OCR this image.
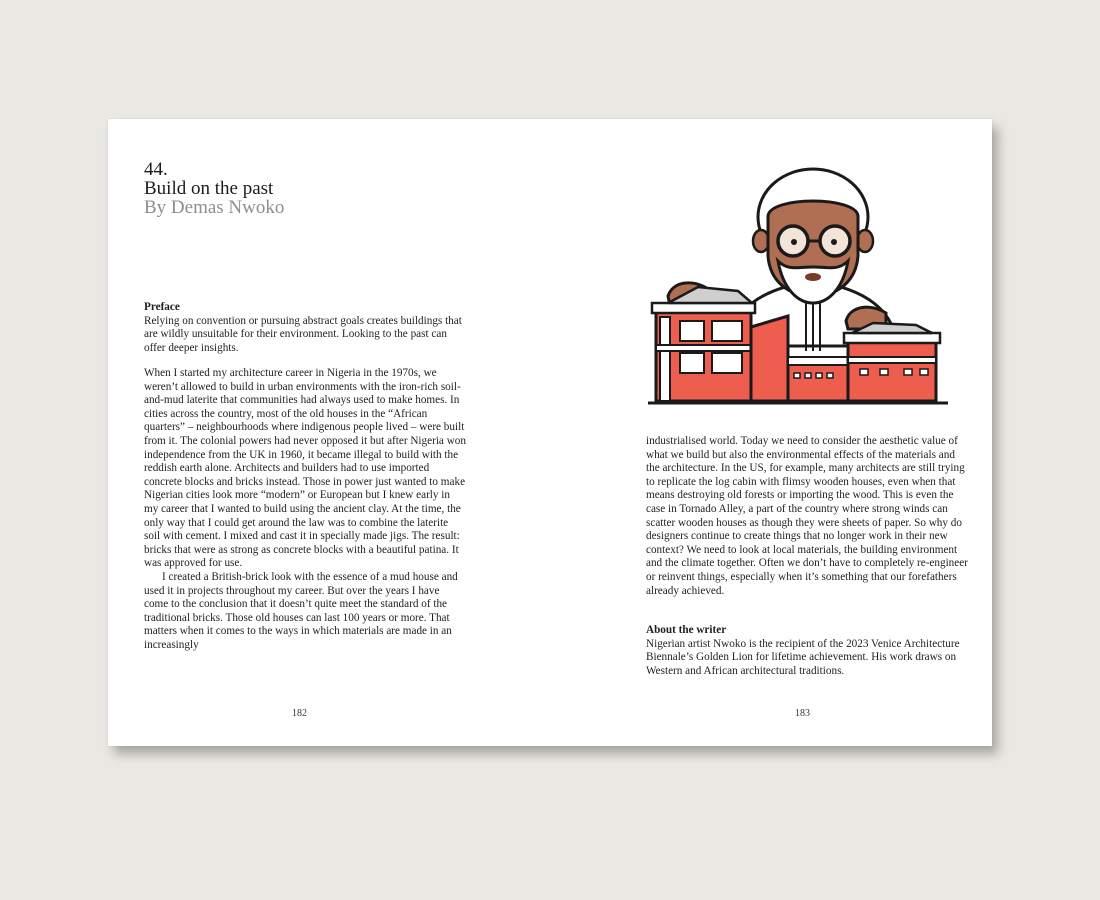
44.
Build on the past
By Demas Nwoko
Preface

Relying on convention or pursuing abstract goals creates buildings that are wildly unsuitable for their environment. Looking to the past can offer deeper insights.

When I started my architecture career in Nigeria in the 1970s, we weren’t allowed to build in urban environments with the iron-rich soil-and-mud laterite that communities had always used to make homes. In cities across the country, most of the old houses in the “African quarters” – neighbourhoods where indigenous people lived – were built from it. The colonial powers had never opposed it but after Nigeria won independence from the UK in 1960, it became illegal to build with the reddish earth alone. Architects and builders had to use imported concrete blocks and bricks instead. Those in power just wanted to make Nigerian cities look more “modern” or European but I knew early in my career that I wanted to build using the ancient clay. At the time, the only way that I could get around the law was to combine the laterite soil with cement. I mixed and cast it in specially made jigs. The result: bricks that were as strong as concrete blocks with a beautiful patina. It was approved for use.

I created a British-brick look with the essence of a mud house and used it in projects throughout my career. But over the years I have come to the conclusion that it doesn’t quite meet the standard of the traditional bricks. Those old houses can last 100 years or more. That matters when it comes to the ways in which materials are made in an increasingly

182

industrialised world. Today we need to consider the aesthetic value of what we build but also the environmental effects of the materials and the architecture. In the US, for example, many architects are still trying to replicate the log cabin with flimsy wooden houses, even when that means destroying old forests or importing the wood. This is even the case in Tornado Alley, a part of the country where strong winds can scatter wooden houses as though they were sheets of paper. So why do designers continue to create things that no longer work in their new context? We need to look at local materials, the building environment and the climate together. Often we don’t have to completely re-engineer or reinvent things, especially when it’s something that our forefathers already achieved.

About the writer

Nigerian artist Nwoko is the recipient of the 2023 Venice Architecture Biennale’s Golden Lion for lifetime achievement. His work draws on Western and African architectural traditions.

183
